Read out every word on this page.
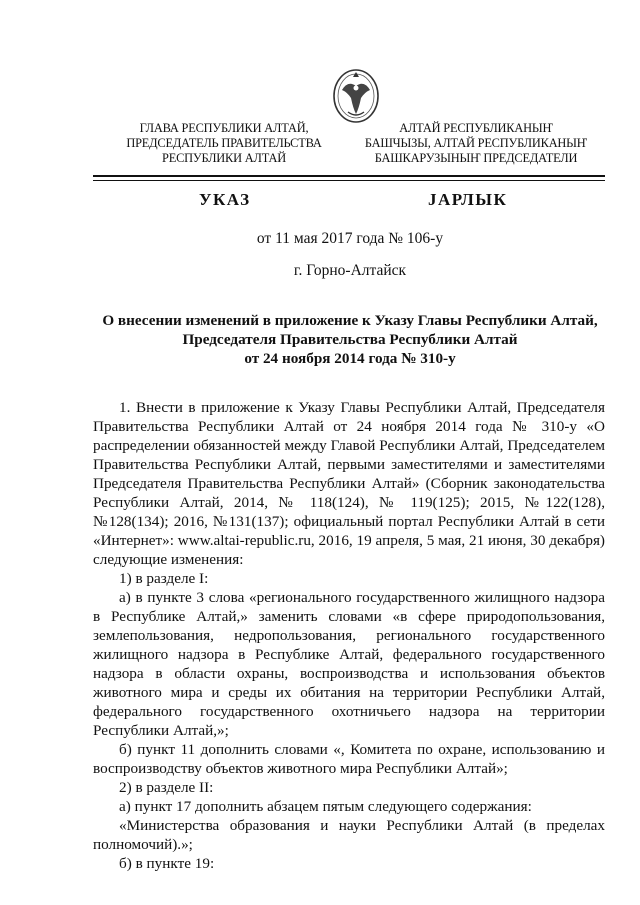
ГЛАВА РЕСПУБЛИКИ АЛТАЙ,
ПРЕДСЕДАТЕЛЬ ПРАВИТЕЛЬСТВА
РЕСПУБЛИКИ АЛТАЙ
АЛТАЙ РЕСПУБЛИКАНЫҤ
БАШЧЫЗЫ, АЛТАЙ РЕСПУБЛИКАНЫҤ
БАШКАРУЗЫНЫҤ ПРЕДСЕДАТЕЛИ
УКАЗ	JАРЛЫК
от 11 мая 2017 года № 106-у
г. Горно-Алтайск
О внесении изменений в приложение к Указу Главы Республики Алтай,
Председателя Правительства Республики Алтай
от 24 ноября 2014 года № 310-у

1. Внести в приложение к Указу Главы Республики Алтай, Председателя Правительства Республики Алтай от 24 ноября 2014 года № 310-у «О распределении обязанностей между Главой Республики Алтай, Председателем Правительства Республики Алтай, первыми заместителями и заместителями Председателя Правительства Республики Алтай» (Сборник законодательства Республики Алтай, 2014, № 118(124), № 119(125); 2015, №122(128), №128(134); 2016, №131(137); официальный портал Республики Алтай в сети «Интернет»: www.altai-republic.ru, 2016, 19 апреля, 5 мая, 21 июня, 30 декабря) следующие изменения:

1) в разделе I:

а) в пункте 3 слова «регионального государственного жилищного надзора в Республике Алтай,» заменить словами «в сфере природопользования, землепользования, недропользования, регионального государственного жилищного надзора в Республике Алтай, федерального государственного надзора в области охраны, воспроизводства и использования объектов животного мира и среды их обитания на территории Республики Алтай, федерального государственного охотничьего надзора на территории Республики Алтай,»;

б) пункт 11 дополнить словами «, Комитета по охране, использованию и воспроизводству объектов животного мира Республики Алтай»;

2) в разделе II:

а) пункт 17 дополнить абзацем пятым следующего содержания:

«Министерства образования и науки Республики Алтай (в пределах полномочий).»;

б) в пункте 19:
